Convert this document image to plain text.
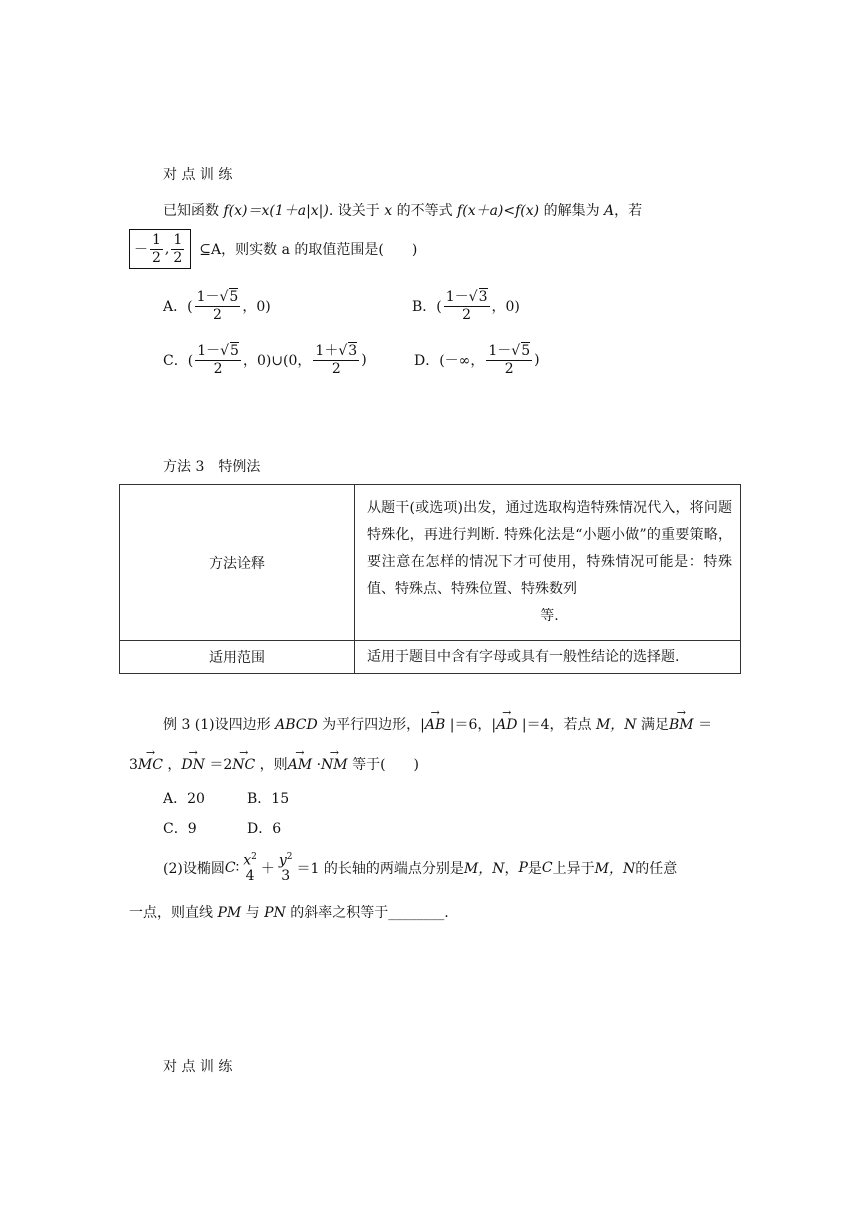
对 点 训 练
已知函数 f(x)＝x(1＋a|x|). 设关于 x 的不等式 f(x＋a)<f(x) 的解集为 A，若
－ $\frac{1}{2}$ , $\frac{1}{2}$ ⊆A，则实数 a 的取值范围是(　　)
A．( $\frac{1-√5}{2}$ ，0)	B．( $\frac{1-√3}{2}$ ，0)
C．( $\frac{1-√5}{2}$ ，0)∪(0， $\frac{1+√3}{2}$ )	D．(－∞， $\frac{1-√5}{2}$ )
方法 3　特例法
方法诠释	从题干(或选项)出发，通过选取构造特殊情况代入，将问题特殊化，再进行判断. 特殊化法是“小题小做”的重要策略，要注意在怎样的情况下才可使用，特殊情况可能是：特殊值、特殊点、特殊位置、特殊数列
等.

适用范围	适用于题目中含有字母或具有一般性结论的选择题.
例 3 (1)设四边形 ABCD 为平行四边形，|→ AB |＝6，|→ AD |＝4，若点 M，N 满足→ BM ＝
3→ MC ，→ DN ＝2→ NC ，则→ AM ·→ NM 等于(　　)
A．20	B．15
C．9	D．6
(2)设椭圆 C ∶ $x^2$
4 ＋
$y^2$
3 ＝1 的长轴的两端点分别是 M，N ， P 是 C 上异于 M，N 的任意
一点，则直线 PM 与 PN 的斜率之积等于________.
对 点 训 练
